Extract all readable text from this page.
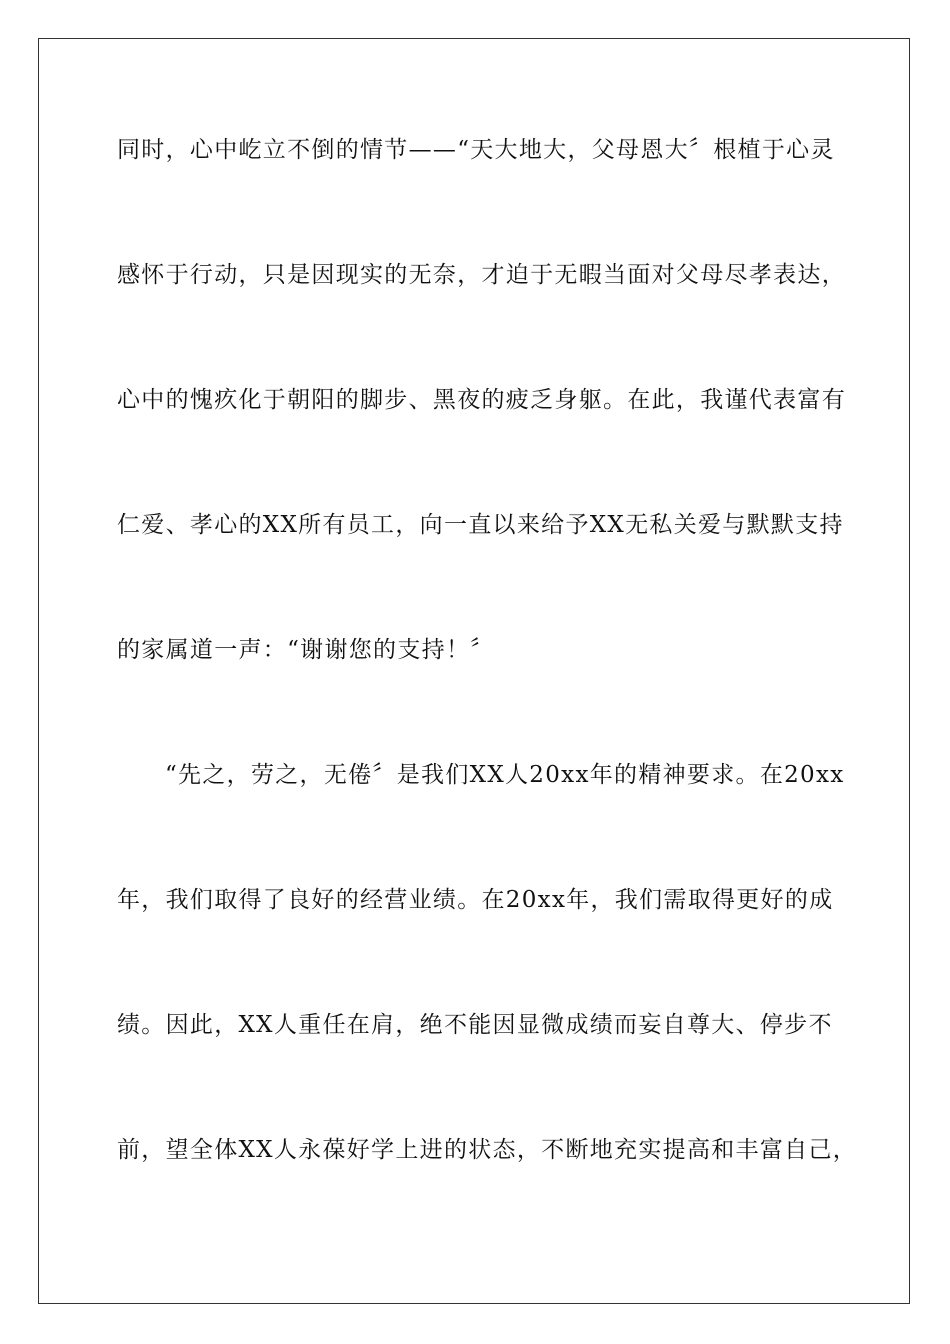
同时，心中屹立不倒的情节——“天大地大，父母恩大〞根植于心灵
感怀于行动，只是因现实的无奈，才迫于无暇当面对父母尽孝表达，
心中的愧疚化于朝阳的脚步、黑夜的疲乏身躯。在此，我谨代表富有
仁爱、孝心的XX所有员工，向一直以来给予XX无私关爱与默默支持
的家属道一声：“谢谢您的支持！〞
“先之，劳之，无倦〞是我们XX人20xx年的精神要求。在20xx
年，我们取得了良好的经营业绩。在20xx年，我们需取得更好的成
绩。因此，XX人重任在肩，绝不能因显微成绩而妄自尊大、停步不
前，望全体XX人永葆好学上进的状态，不断地充实提高和丰富自己，
